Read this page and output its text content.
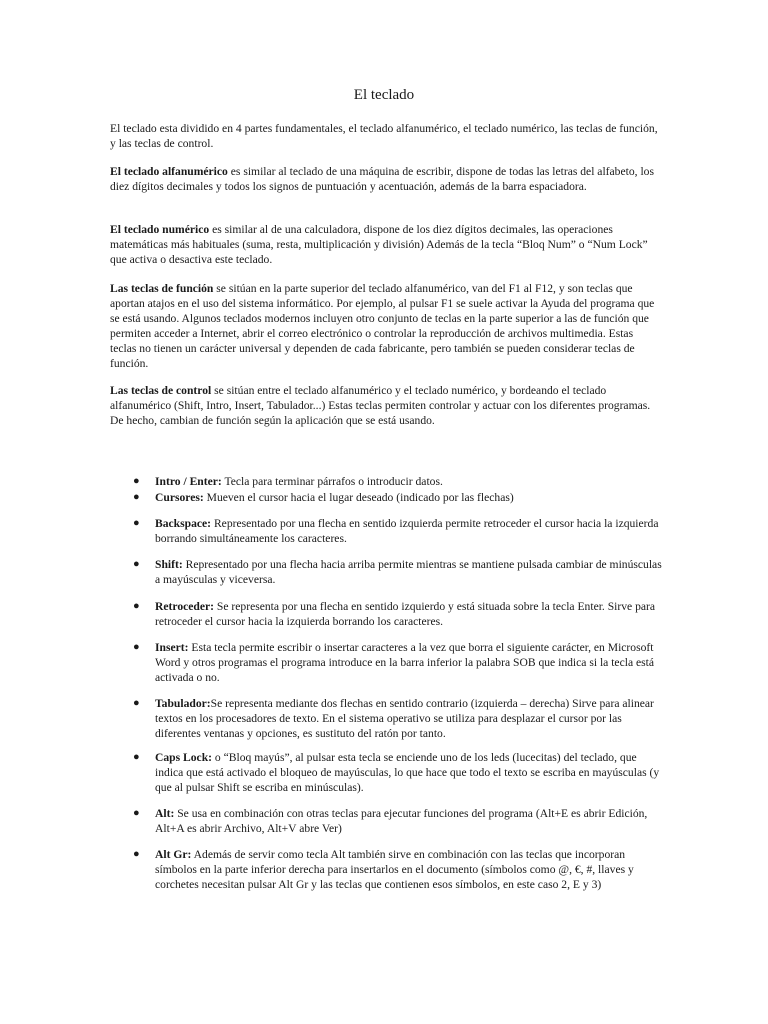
El teclado
El teclado esta dividido en 4 partes fundamentales, el teclado alfanumérico, el teclado numérico, las teclas de función, y las teclas de control.
El teclado alfanumérico es similar al teclado de una máquina de escribir, dispone de todas las letras del alfabeto, los diez dígitos decimales y todos los signos de puntuación y acentuación, además de la barra espaciadora.
El teclado numérico es similar al de una calculadora, dispone de los diez dígitos decimales, las operaciones matemáticas más habituales (suma, resta, multiplicación y división) Además de la tecla “Bloq Num” o “Num Lock” que activa o desactiva este teclado.
Las teclas de función se sitúan en la parte superior del teclado alfanumérico, van del F1 al F12, y son teclas que aportan atajos en el uso del sistema informático. Por ejemplo, al pulsar F1 se suele activar la Ayuda del programa que se está usando. Algunos teclados modernos incluyen otro conjunto de teclas en la parte superior a las de función que permiten acceder a Internet, abrir el correo electrónico o controlar la reproducción de archivos multimedia. Estas teclas no tienen un carácter universal y dependen de cada fabricante, pero también se pueden considerar teclas de función.
Las teclas de control se sitúan entre el teclado alfanumérico y el teclado numérico, y bordeando el teclado alfanumérico (Shift, Intro, Insert, Tabulador...) Estas teclas permiten controlar y actuar con los diferentes programas. De hecho, cambian de función según la aplicación que se está usando.
● Intro / Enter: Tecla para terminar párrafos o introducir datos.
● Cursores: Mueven el cursor hacia el lugar deseado (indicado por las flechas)
● Backspace: Representado por una flecha en sentido izquierda permite retroceder el cursor hacia la izquierda borrando simultáneamente los caracteres.
● Shift: Representado por una flecha hacia arriba permite mientras se mantiene pulsada cambiar de minúsculas a mayúsculas y viceversa.
● Retroceder: Se representa por una flecha en sentido izquierdo y está situada sobre la tecla Enter. Sirve para retroceder el cursor hacia la izquierda borrando los caracteres.
● Insert: Esta tecla permite escribir o insertar caracteres a la vez que borra el siguiente carácter, en Microsoft Word y otros programas el programa introduce en la barra inferior la palabra SOB que indica si la tecla está activada o no.
● Tabulador:Se representa mediante dos flechas en sentido contrario (izquierda – derecha) Sirve para alinear textos en los procesadores de texto. En el sistema operativo se utiliza para desplazar el cursor por las diferentes ventanas y opciones, es sustituto del ratón por tanto.
● Caps Lock: o “Bloq mayús”, al pulsar esta tecla se enciende uno de los leds (lucecitas) del teclado, que indica que está activado el bloqueo de mayúsculas, lo que hace que todo el texto se escriba en mayúsculas (y que al pulsar Shift se escriba en minúsculas).
● Alt: Se usa en combinación con otras teclas para ejecutar funciones del programa (Alt+E es abrir Edición, Alt+A es abrir Archivo, Alt+V abre Ver)
● Alt Gr: Además de servir como tecla Alt también sirve en combinación con las teclas que incorporan símbolos en la parte inferior derecha para insertarlos en el documento (símbolos como @, €, #, llaves y corchetes necesitan pulsar Alt Gr y las teclas que contienen esos símbolos, en este caso 2, E y 3)
